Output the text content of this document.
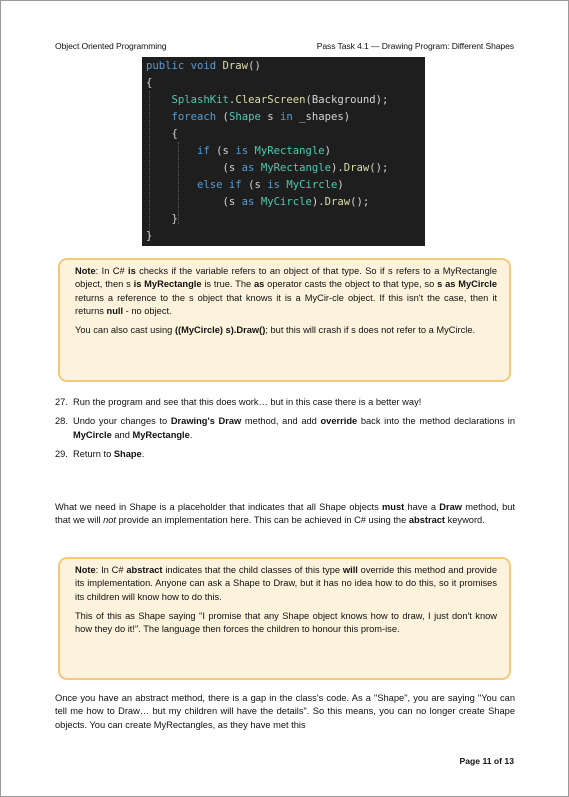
Object Oriented Programming	Pass Task 4.1 — Drawing Program: Different Shapes
public void Draw()
{
SplashKit.ClearScreen(Background);
foreach (Shape s in _shapes)
{
if (s is MyRectangle)
(s as MyRectangle).Draw();
else if (s is MyCircle)
(s as MyCircle).Draw();
}
}

Note: In C# is checks if the variable refers to an object of that type. So if s refers to a MyRectangle object, then s is MyRectangle is true. The as operator casts the object to that type, so s as MyCircle returns a reference to the s object that knows it is a MyCir-cle object. If this isn't the case, then it returns null - no object.

You can also cast using ((MyCircle) s).Draw(); but this will crash if s does not refer to a MyCircle.

27. Run the program and see that this does work… but in this case there is a better way!
28. Undo your changes to Drawing's Draw method, and add override back into the method declarations in MyCircle and MyRectangle.
29. Return to Shape.

What we need in Shape is a placeholder that indicates that all Shape objects must have a Draw method, but that we will not provide an implementation here. This can be achieved in C# using the abstract keyword.

Note: In C# abstract indicates that the child classes of this type will override this method and provide its implementation. Anyone can ask a Shape to Draw, but it has no idea how to do this, so it promises its children will know how to do this.

This of this as Shape saying "I promise that any Shape object knows how to draw, I just don't know how they do it!". The language then forces the children to honour this prom-ise.

Once you have an abstract method, there is a gap in the class's code. As a "Shape", you are saying "You can tell me how to Draw… but my children will have the details". So this means, you can no longer create Shape objects. You can create MyRectangles, as they have met this

Page 11 of 13
